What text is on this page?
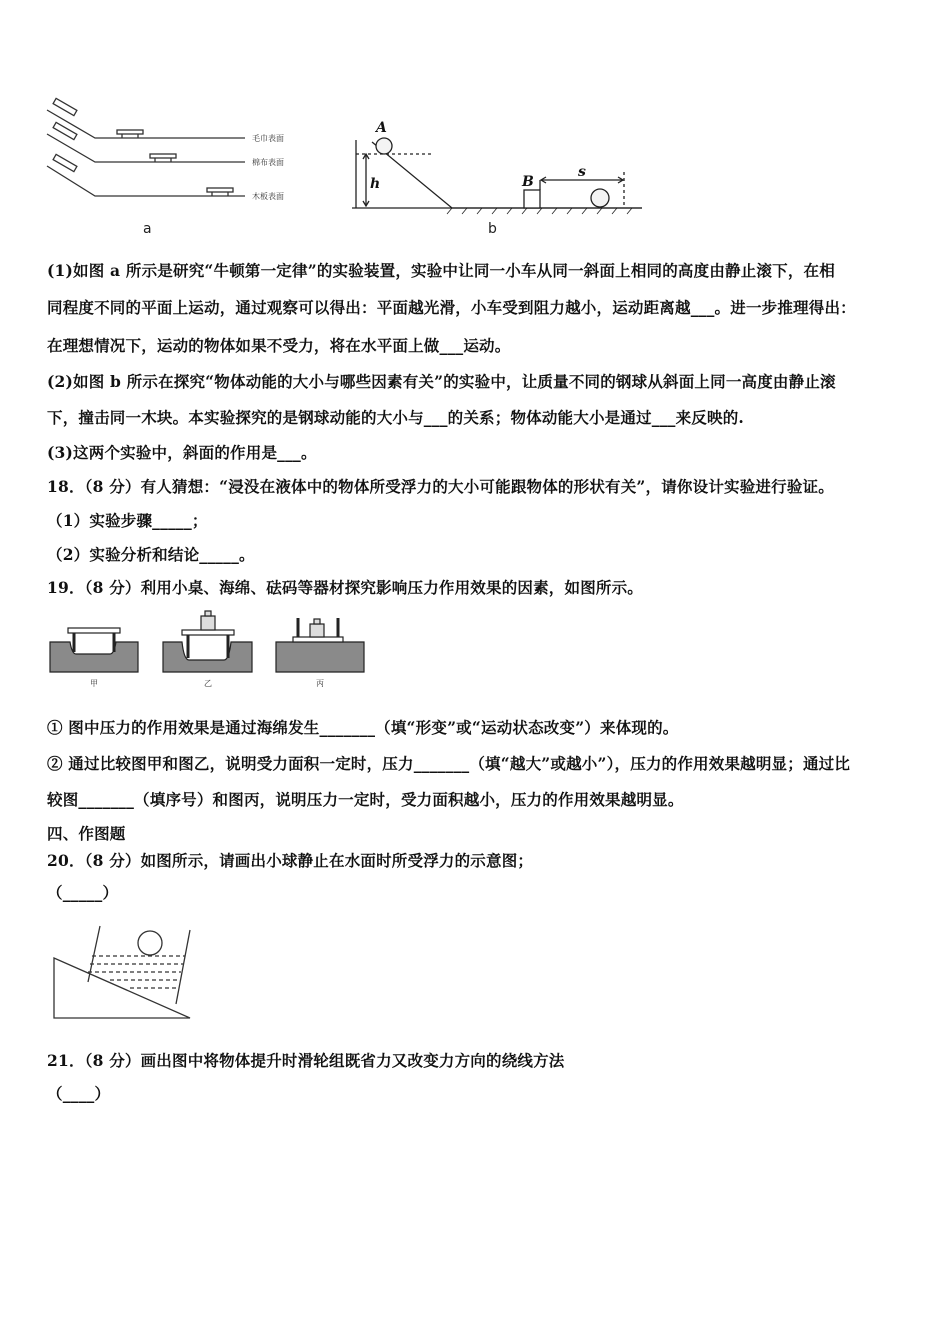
毛巾表面
棉布表面
木板表面
a
A
h	B
s
b
(1)如图 a 所示是研究“牛顿第一定律”的实验装置，实验中让同一小车从同一斜面上相同的高度由静止滚下，在相
同程度不同的平面上运动，通过观察可以得出：平面越光滑，小车受到阻力越小，运动距离越___。进一步推理得出：
在理想情况下，运动的物体如果不受力，将在水平面上做___运动。
(2)如图 b 所示在探究“物体动能的大小与哪些因素有关”的实验中，让质量不同的钢球从斜面上同一高度由静止滚
下，撞击同一木块。本实验探究的是钢球动能的大小与___的关系；物体动能大小是通过___来反映的.
(3)这两个实验中，斜面的作用是___。
18．（8 分）有人猜想：“浸没在液体中的物体所受浮力的大小可能跟物体的形状有关”，请你设计实验进行验证。
（1）实验步骤_____；
（2）实验分析和结论_____。
19．（8 分）利用小桌、海绵、砝码等器材探究影响压力作用效果的因素，如图所示。
甲	乙	丙
① 图中压力的作用效果是通过海绵发生_______（填“形变”或“运动状态改变”）来体现的。
② 通过比较图甲和图乙，说明受力面积一定时，压力_______（填“越大”或越小”），压力的作用效果越明显；通过比
较图_______（填序号）和图丙，说明压力一定时，受力面积越小，压力的作用效果越明显。
四、作图题
20．（8 分）如图所示，请画出小球静止在水面时所受浮力的示意图；
（_____）
21．（8 分）画出图中将物体提升时滑轮组既省力又改变力方向的绕线方法
（____）
